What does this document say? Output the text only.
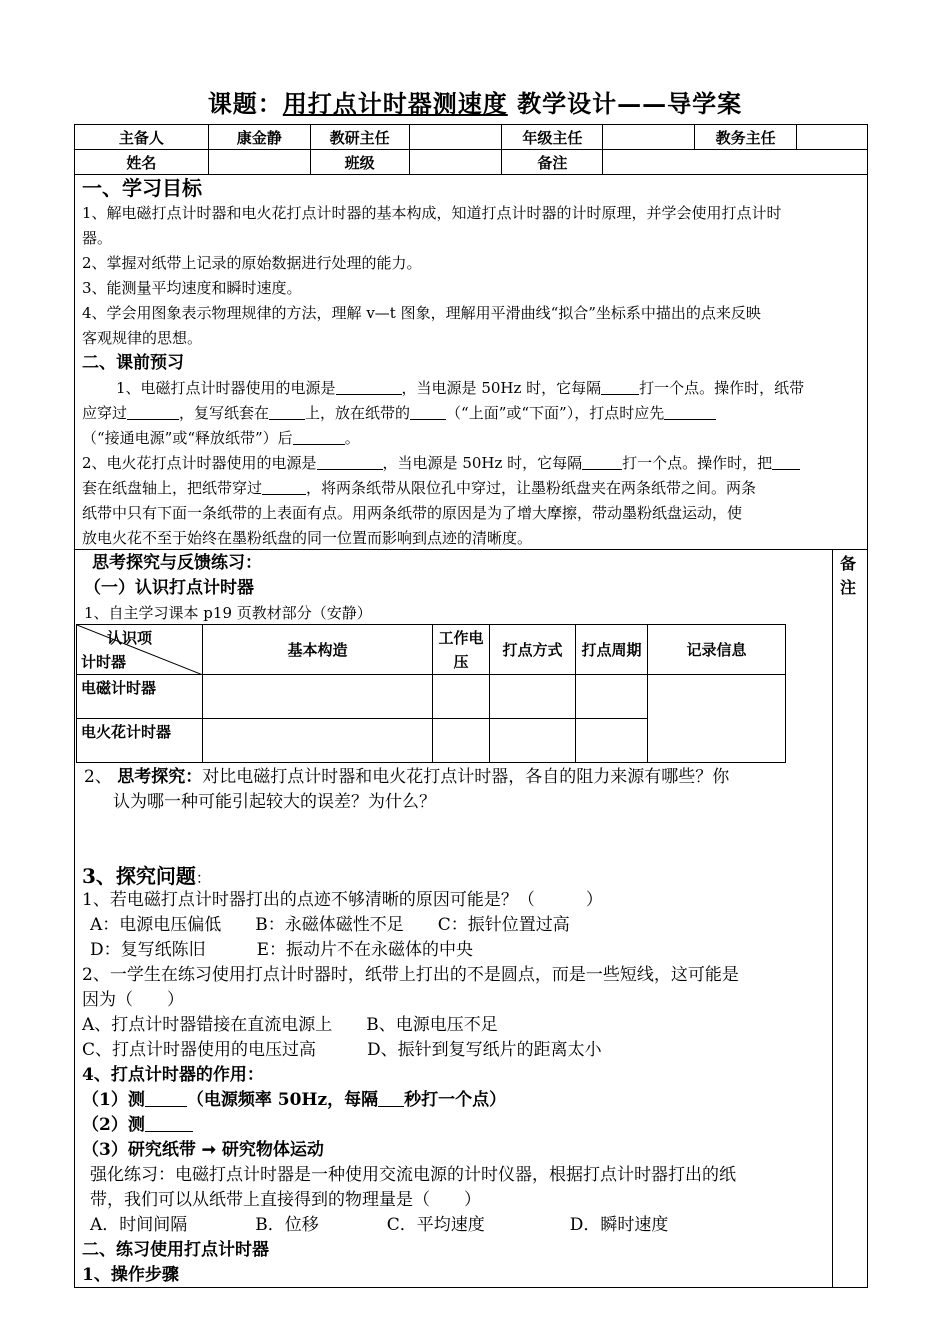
课题：用打点计时器测速度 教学设计——导学案
主备人	康金静	教研主任		年级主任		教务主任	
姓名		班级		备注			
一、学习目标
1、解电磁打点计时器和电火花打点计时器的基本构成，知道打点计时器的计时原理，并学会使用打点计时
器。
2、掌握对纸带上记录的原始数据进行处理的能力。
3、能测量平均速度和瞬时速度。
4、学会用图象表示物理规律的方法，理解 v—t 图象，理解用平滑曲线“拟合”坐标系中描出的点来反映
客观规律的思想。
二、课前预习
1、电磁打点计时器使用的电源是	，当电源是 50Hz 时，它每隔	打一个点。操作时，纸带
应穿过	，复写纸套在 上，放在纸带的 （“上面”或“下面”），打点时应先
（“接通电源”或“释放纸带”）后	。
2、电火花打点计时器使用的电源是	，当电源是 50Hz 时，它每隔	打一个点。操作时，把
套在纸盘轴上，把纸带穿过	，将两条纸带从限位孔中穿过，让墨粉纸盘夹在两条纸带之间。两条
纸带中只有下面一条纸带的上表面有点。用两条纸带的原因是为了增大摩擦，带动墨粉纸盘运动，使
放电火花不至于始终在墨粉纸盘的同一位置而影响到点迹的清晰度。
备注
思考探究与反馈练习：
（一）认识打点计时器
1、自主学习课本 p19 页教材部分（安静）
认识项
计时器	基本构造	工作电压	打点方式	打点周期	记录信息
电磁计时器					
电火花计时器					
2、 思考探究：对比电磁打点计时器和电火花打点计时器，各自的阻力来源有哪些？你
认为哪一种可能引起较大的误差？为什么？
3、探究问题：
1、若电磁打点计时器打出的点迹不够清晰的原因可能是？（　　　）
A：电源电压偏低　　B：永磁体磁性不足　　C：振针位置过高
D：复写纸陈旧　　　E：振动片不在永磁体的中央
2、一学生在练习使用打点计时器时，纸带上打出的不是圆点，而是一些短线，这可能是
因为（　　）
A、打点计时器错接在直流电源上　　B、电源电压不足
C、打点计时器使用的电压过高　　　D、振针到复写纸片的距离太小
4、打点计时器的作用：
（1）测 （电源频率 50Hz，每隔 秒打一个点）
（2）测
（3）研究纸带 ➞ 研究物体运动
强化练习：电磁打点计时器是一种使用交流电源的计时仪器，根据打点计时器打出的纸
带，我们可以从纸带上直接得到的物理量是（　　）
A．时间间隔　　　　B．位移　　　　C．平均速度　　　　　D．瞬时速度
二、练习使用打点计时器
1、操作步骤
